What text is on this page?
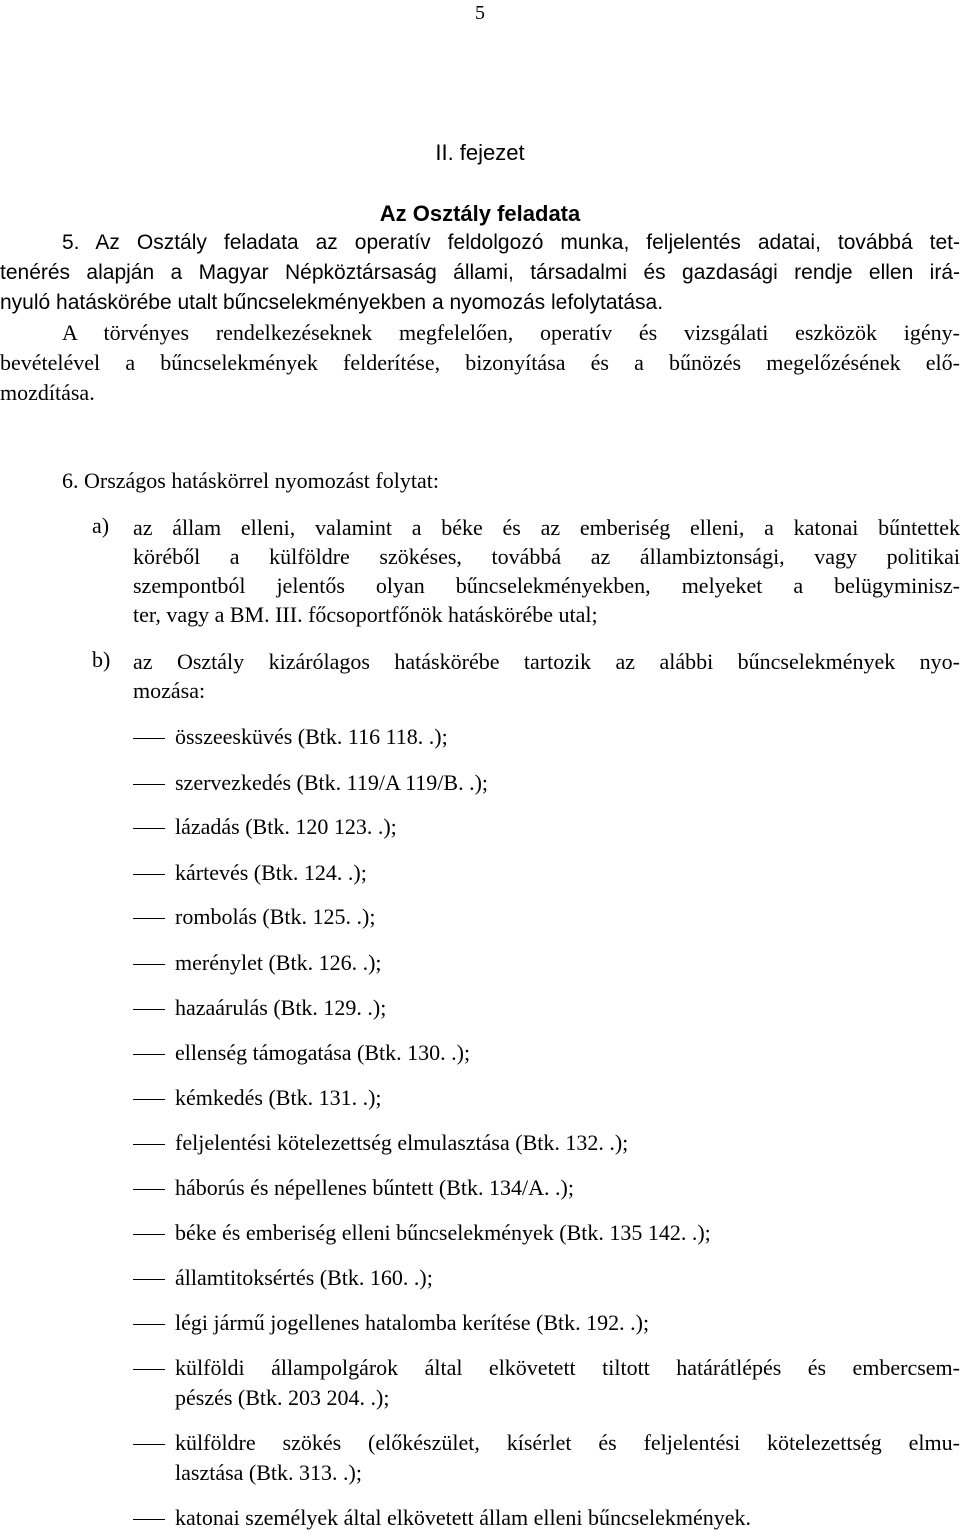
5
II. fejezet
Az Osztály feladata
5. Az Osztály feladata az operatív feldolgozó munka, feljelentés adatai, továbbá tet-
tenérés alapján a Magyar Népköztársaság állami, társadalmi és gazdasági rendje ellen irá-
nyuló hatáskörébe utalt bűncselekményekben a nyomozás lefolytatása.
A törvényes rendelkezéseknek megfelelően, operatív és vizsgálati eszközök igény-
bevételével a bűncselekmények felderítése, bizonyítása és a bűnözés megelőzésének elő-
mozdítása.
6. Országos hatáskörrel nyomozást folytat:
a) az állam elleni, valamint a béke és az emberiség elleni, a katonai bűntettek
köréből a külföldre szökéses, továbbá az állambiztonsági, vagy politikai
szempontból jelentős olyan bűncselekményekben, melyeket a belügyminisz-
ter, vagy a BM. III. főcsoportfőnök hatáskörébe utal;
b) az Osztály kizárólagos hatáskörébe tartozik az alábbi bűncselekmények nyo-
mozása:
összeesküvés (Btk. 116 118. .);
szervezkedés (Btk. 119/A 119/B. .);
lázadás (Btk. 120 123. .);
kártevés (Btk. 124. .);
rombolás (Btk. 125. .);
merénylet (Btk. 126. .);
hazaárulás (Btk. 129. .);
ellenség támogatása (Btk. 130. .);
kémkedés (Btk. 131. .);
feljelentési kötelezettség elmulasztása (Btk. 132. .);
háborús és népellenes bűntett (Btk. 134/A. .);
béke és emberiség elleni bűncselekmények (Btk. 135 142. .);
államtitoksértés (Btk. 160. .);
légi jármű jogellenes hatalomba kerítése (Btk. 192. .);
külföldi állampolgárok által elkövetett tiltott határátlépés és embercsem-
pészés (Btk. 203 204. .);
külföldre szökés (előkészület, kísérlet és feljelentési kötelezettség elmu-
lasztása (Btk. 313. .);
katonai személyek által elkövetett állam elleni bűncselekmények.
